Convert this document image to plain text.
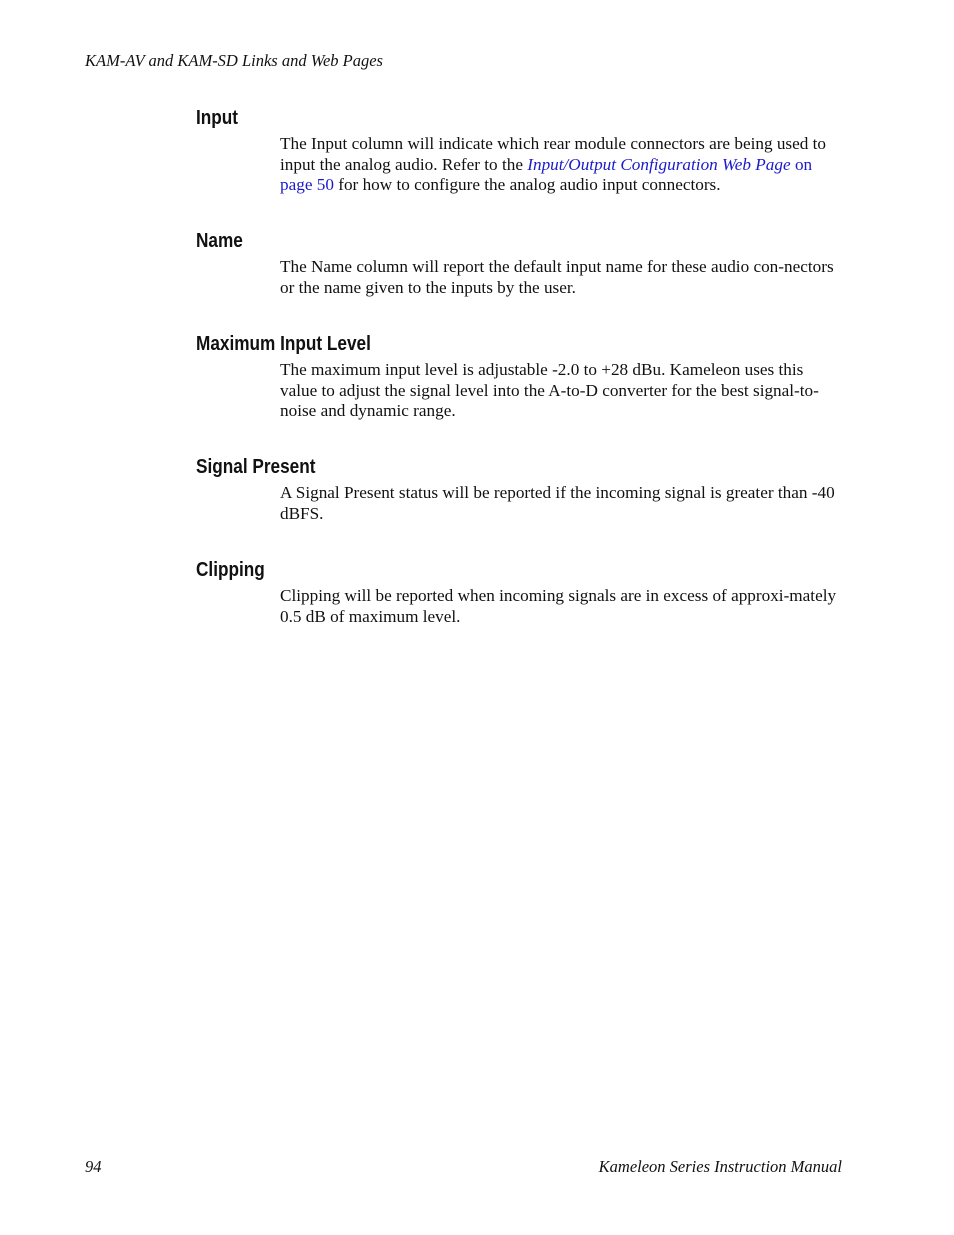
KAM-AV and KAM-SD Links and Web Pages

Input

The Input column will indicate which rear module connectors are being used to input the analog audio. Refer to the Input/Output Configuration Web Page on page 50 for how to configure the analog audio input connectors.

Name

The Name column will report the default input name for these audio con-nectors or the name given to the inputs by the user.

Maximum Input Level

The maximum input level is adjustable -2.0 to +28 dBu. Kameleon uses this value to adjust the signal level into the A-to-D converter for the best signal-to-noise and dynamic range.

Signal Present

A Signal Present status will be reported if the incoming signal is greater than -40 dBFS.

Clipping

Clipping will be reported when incoming signals are in excess of approxi-mately 0.5 dB of maximum level.

94	Kameleon Series Instruction Manual
